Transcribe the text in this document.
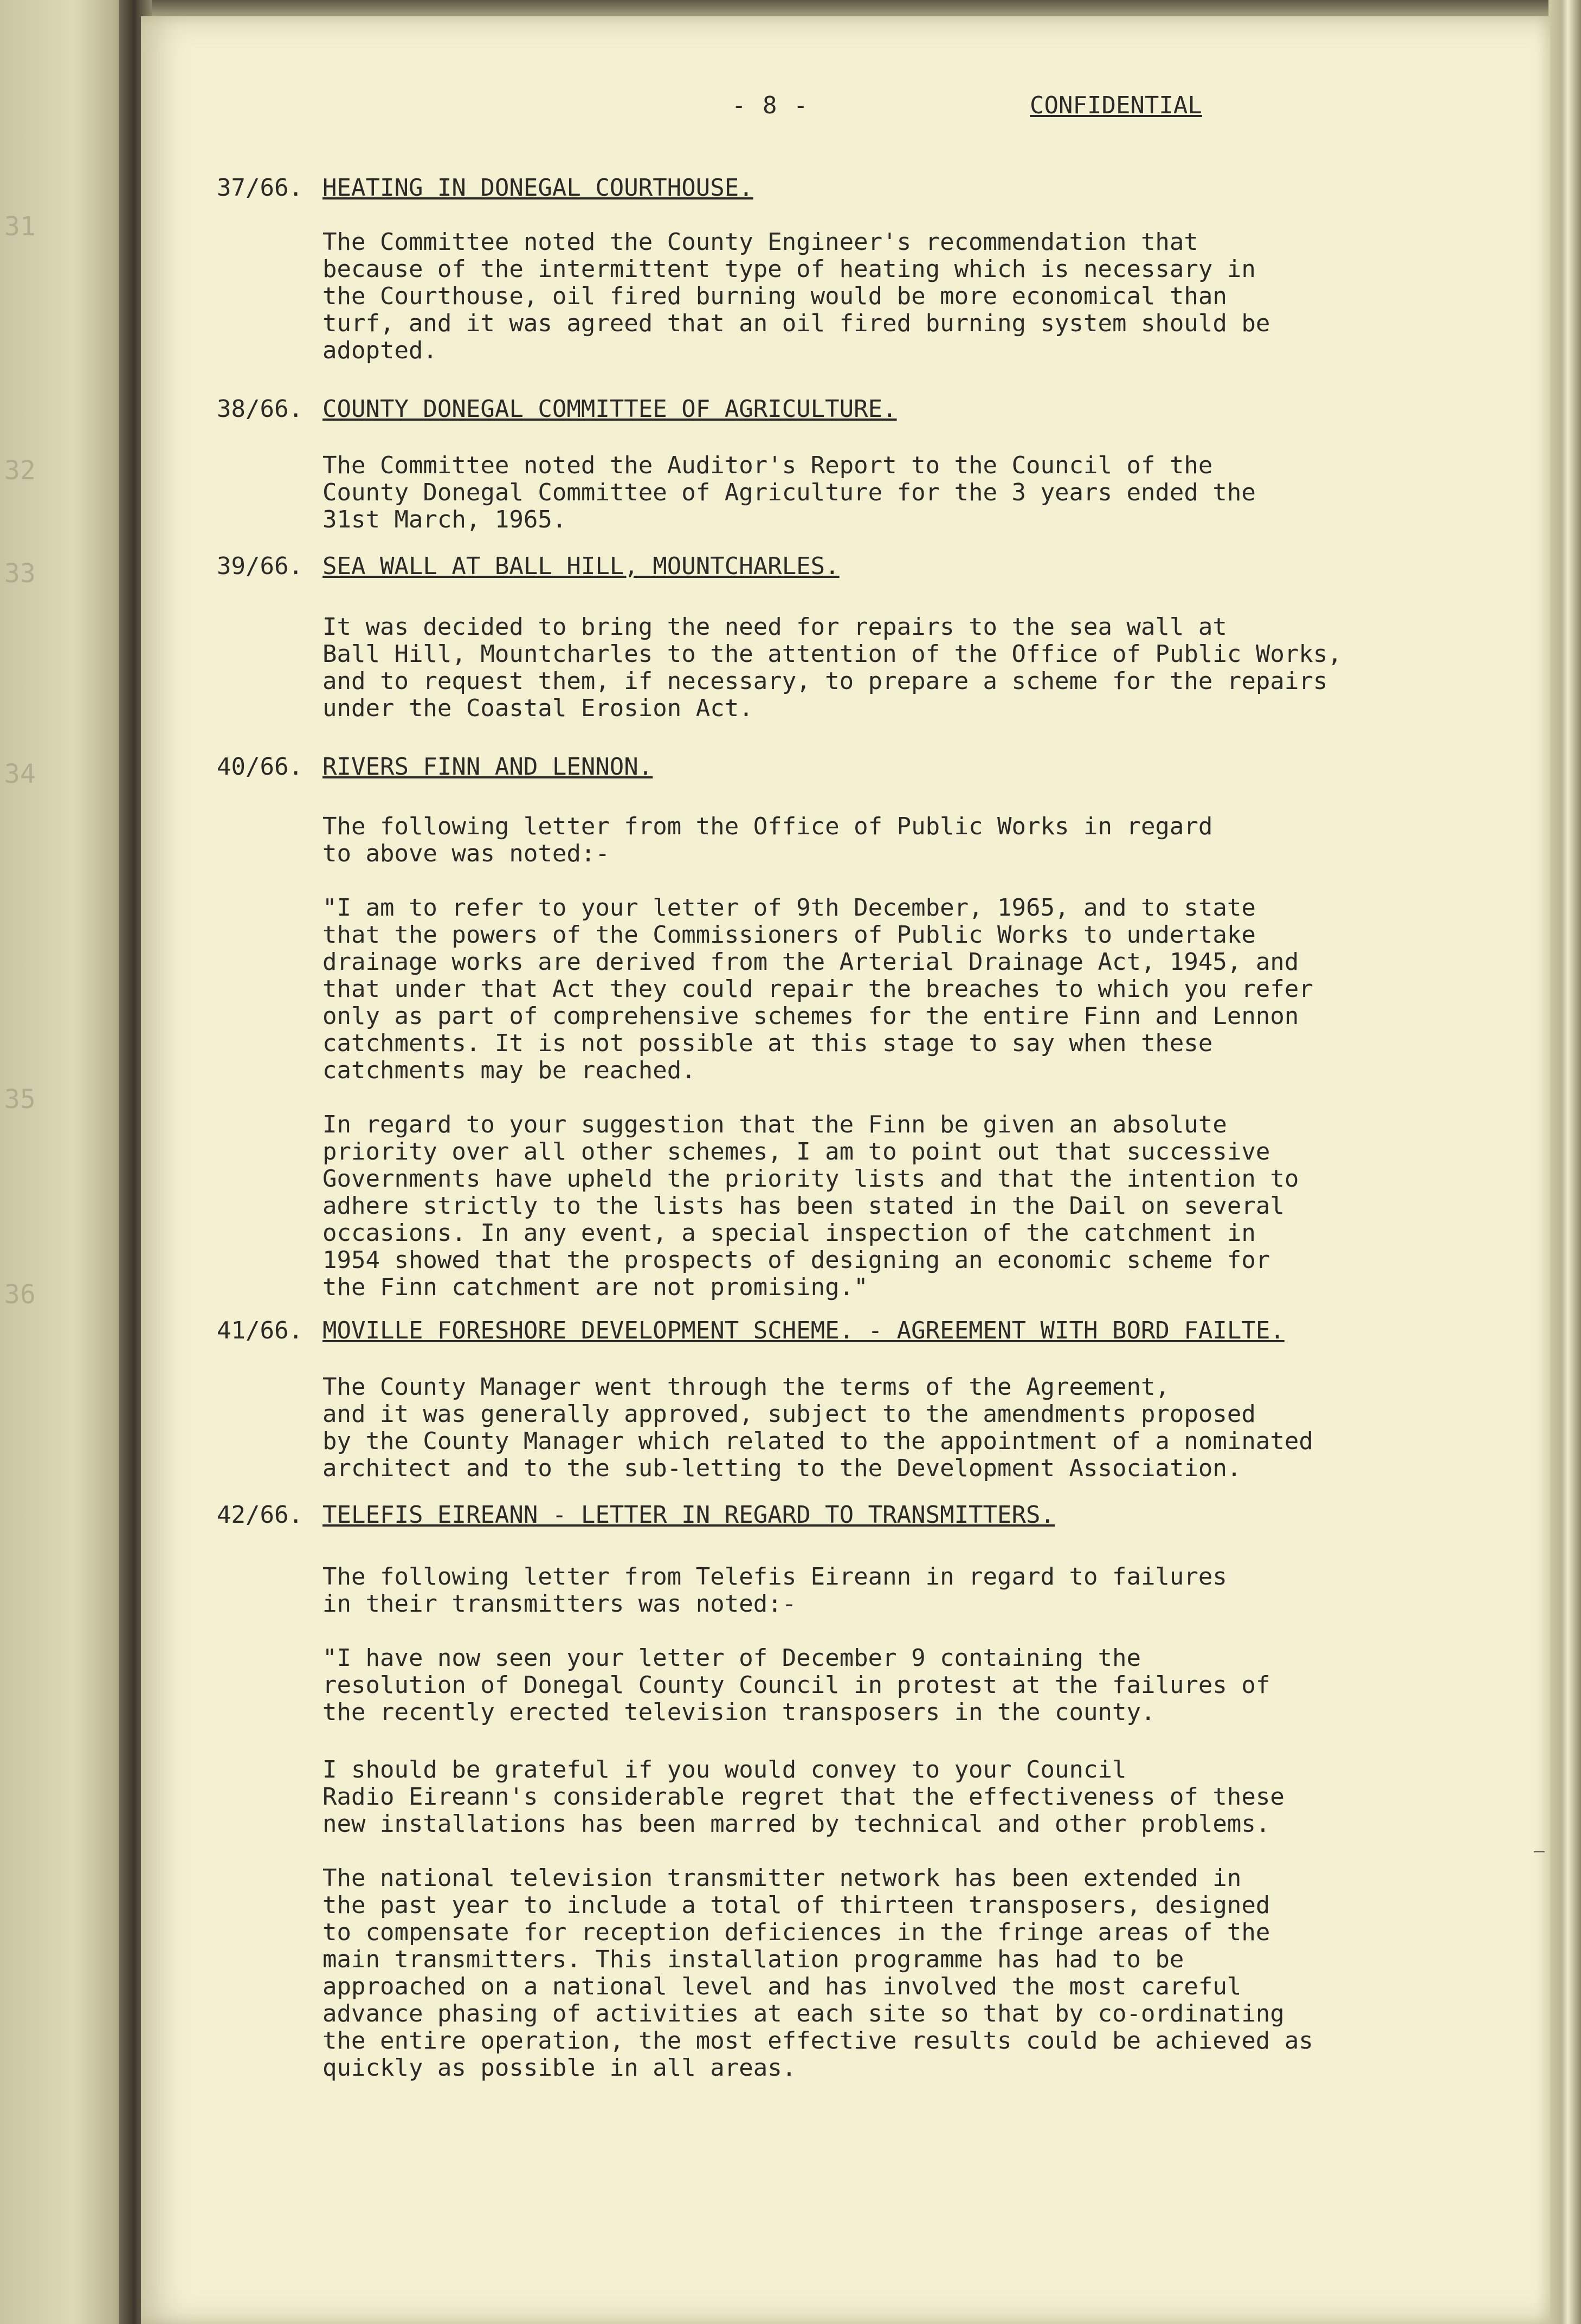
31
32
33
34
35
36
- 8 -	CONFIDENTIAL
37/66. HEATING IN DONEGAL COURTHOUSE.

The Committee noted the County Engineer's recommendation that
because of the intermittent type of heating which is necessary in
the Courthouse, oil fired burning would be more economical than
turf, and it was agreed that an oil fired burning system should be
adopted.

38/66. COUNTY DONEGAL COMMITTEE OF AGRICULTURE.

The Committee noted the Auditor's Report to the Council of the
County Donegal Committee of Agriculture for the 3 years ended the
31st March, 1965.

39/66. SEA WALL AT BALL HILL, MOUNTCHARLES.

It was decided to bring the need for repairs to the sea wall at
Ball Hill, Mountcharles to the attention of the Office of Public Works,
and to request them, if necessary, to prepare a scheme for the repairs
under the Coastal Erosion Act.

40/66. RIVERS FINN AND LENNON.

The following letter from the Office of Public Works in regard
to above was noted:-

"I am to refer to your letter of 9th December, 1965, and to state
that the powers of the Commissioners of Public Works to undertake
drainage works are derived from the Arterial Drainage Act, 1945, and
that under that Act they could repair the breaches to which you refer
only as part of comprehensive schemes for the entire Finn and Lennon
catchments. It is not possible at this stage to say when these
catchments may be reached.

In regard to your suggestion that the Finn be given an absolute
priority over all other schemes, I am to point out that successive
Governments have upheld the priority lists and that the intention to
adhere strictly to the lists has been stated in the Dail on several
occasions. In any event, a special inspection of the catchment in
1954 showed that the prospects of designing an economic scheme for
the Finn catchment are not promising."

41/66. MOVILLE FORESHORE DEVELOPMENT SCHEME. - AGREEMENT WITH BORD FAILTE.

The County Manager went through the terms of the Agreement,
and it was generally approved, subject to the amendments proposed
by the County Manager which related to the appointment of a nominated
architect and to the sub-letting to the Development Association.

42/66. TELEFIS EIREANN - LETTER IN REGARD TO TRANSMITTERS.

The following letter from Telefis Eireann in regard to failures
in their transmitters was noted:-

"I have now seen your letter of December 9 containing the
resolution of Donegal County Council in protest at the failures of
the recently erected television transposers in the county.

I should be grateful if you would convey to your Council
Radio Eireann's considerable regret that the effectiveness of these
new installations has been marred by technical and other problems.

The national television transmitter network has been extended in
the past year to include a total of thirteen transposers, designed
to compensate for reception deficiences in the fringe areas of the
main transmitters. This installation programme has had to be
approached on a national level and has involved the most careful
advance phasing of activities at each site so that by co-ordinating
the entire operation, the most effective results could be achieved as
quickly as possible in all areas.
